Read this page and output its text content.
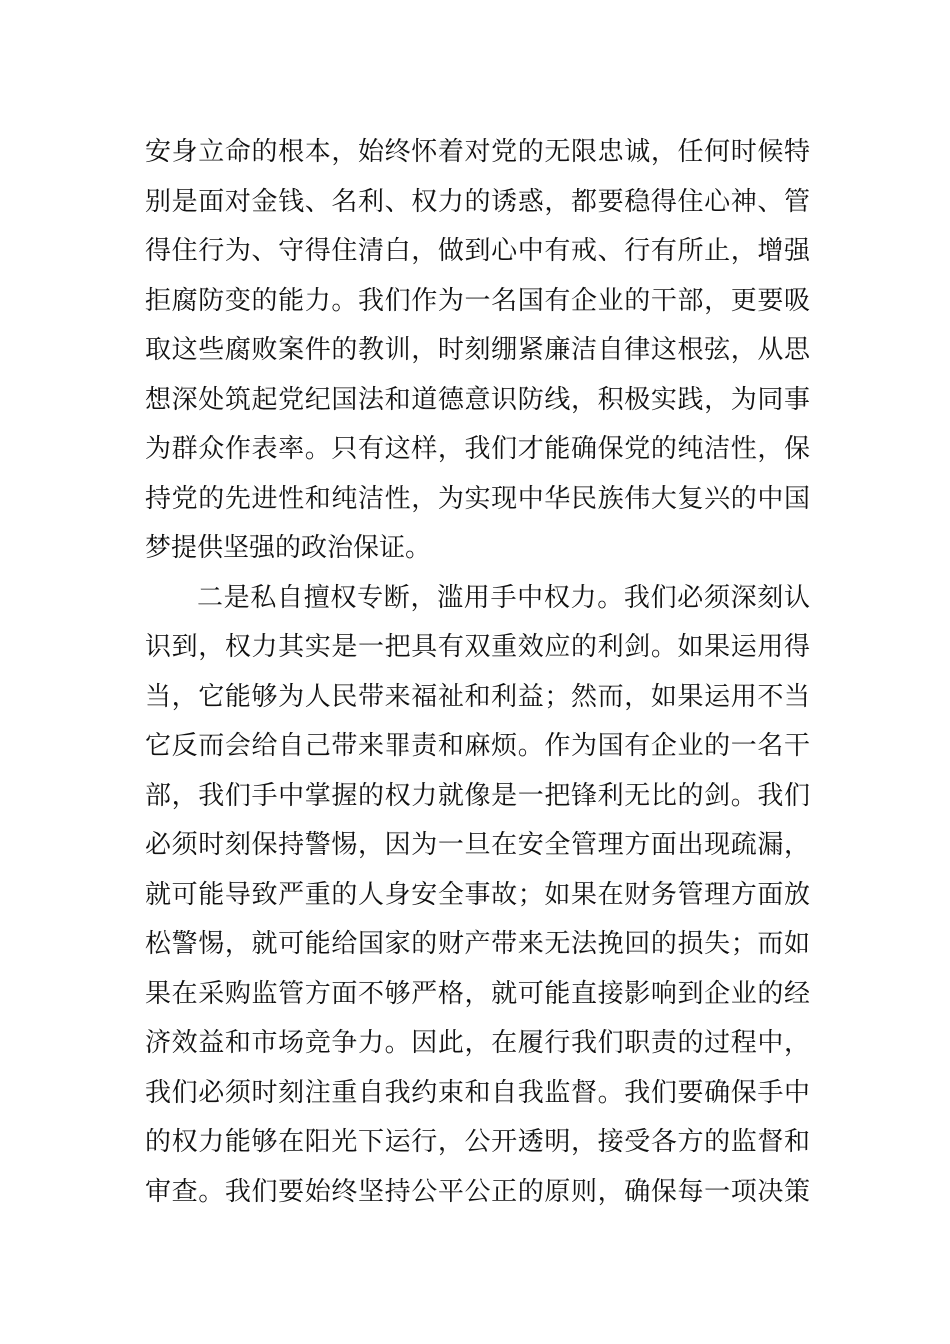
安身立命的根本，始终怀着对党的无限忠诚，任何时候特
别是面对金钱、名利、权力的诱惑，都要稳得住心神、管
得住行为、守得住清白，做到心中有戒、行有所止，增强
拒腐防变的能力。我们作为一名国有企业的干部，更要吸
取这些腐败案件的教训，时刻绷紧廉洁自律这根弦，从思
想深处筑起党纪国法和道德意识防线，积极实践，为同事
为群众作表率。只有这样，我们才能确保党的纯洁性，保
持党的先进性和纯洁性，为实现中华民族伟大复兴的中国
梦提供坚强的政治保证。
二是私自擅权专断，滥用手中权力。我们必须深刻认
识到，权力其实是一把具有双重效应的利剑。如果运用得
当，它能够为人民带来福祉和利益；然而，如果运用不当
它反而会给自己带来罪责和麻烦。作为国有企业的一名干
部，我们手中掌握的权力就像是一把锋利无比的剑。我们
必须时刻保持警惕，因为一旦在安全管理方面出现疏漏，
就可能导致严重的人身安全事故；如果在财务管理方面放
松警惕，就可能给国家的财产带来无法挽回的损失；而如
果在采购监管方面不够严格，就可能直接影响到企业的经
济效益和市场竞争力。因此，在履行我们职责的过程中，
我们必须时刻注重自我约束和自我监督。我们要确保手中
的权力能够在阳光下运行，公开透明，接受各方的监督和
审查。我们要始终坚持公平公正的原则，确保每一项决策
